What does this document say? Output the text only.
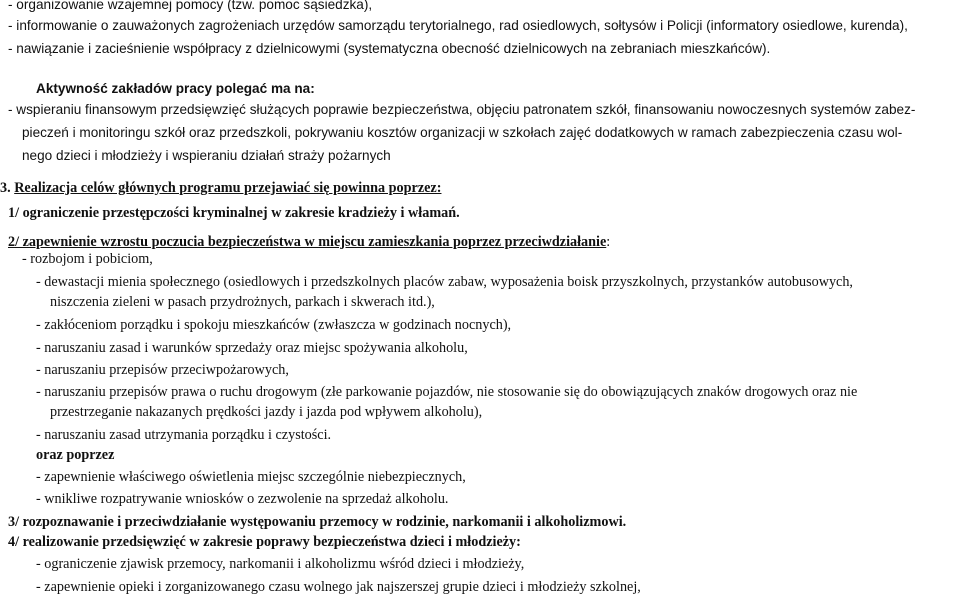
- organizowanie wzajemnej pomocy (tzw. pomoc sąsiedzka),
- informowanie o zauważonych zagrożeniach urzędów samorządu terytorialnego, rad osiedlowych, sołtysów i Policji (informatory osiedlowe, kurenda),
- nawiązanie i zacieśnienie współpracy z dzielnicowymi (systematyczna obecność dzielnicowych na zebraniach mieszkańców).
Aktywność zakładów pracy polegać ma na:
- wspieraniu finansowym przedsięwzięć służących poprawie bezpieczeństwa, objęciu patronatem szkół, finansowaniu nowoczesnych systemów zabez-
pieczeń i monitoringu szkół oraz przedszkoli, pokrywaniu kosztów organizacji w szkołach zajęć dodatkowych w ramach zabezpieczenia czasu wol-
nego dzieci i młodzieży i wspieraniu działań straży pożarnych
3. Realizacja celów głównych programu przejawiać się powinna poprzez:
1/ ograniczenie przestępczości kryminalnej w zakresie kradzieży i włamań.
2/ zapewnienie wzrostu poczucia bezpieczeństwa w miejscu zamieszkania poprzez przeciwdziałanie:
- rozbojom i pobiciom,
- dewastacji mienia społecznego (osiedlowych i przedszkolnych placów zabaw, wyposażenia boisk przyszkolnych, przystanków autobusowych,
niszczenia zieleni w pasach przydrożnych, parkach i skwerach itd.),
- zakłóceniom porządku i spokoju mieszkańców (zwłaszcza w godzinach nocnych),
- naruszaniu zasad i warunków sprzedaży oraz miejsc spożywania alkoholu,
- naruszaniu przepisów przeciwpożarowych,
- naruszaniu przepisów prawa o ruchu drogowym (złe parkowanie pojazdów, nie stosowanie się do obowiązujących znaków drogowych oraz nie
przestrzeganie nakazanych prędkości jazdy i jazda pod wpływem alkoholu),
- naruszaniu zasad utrzymania porządku i czystości.
oraz poprzez
- zapewnienie właściwego oświetlenia miejsc szczególnie niebezpiecznych,
- wnikliwe rozpatrywanie wniosków o zezwolenie na sprzedaż alkoholu.
3/ rozpoznawanie i przeciwdziałanie występowaniu przemocy w rodzinie, narkomanii i alkoholizmowi.
4/ realizowanie przedsięwzięć w zakresie poprawy bezpieczeństwa dzieci i młodzieży:
- ograniczenie zjawisk przemocy, narkomanii i alkoholizmu wśród dzieci i młodzieży,
- zapewnienie opieki i zorganizowanego czasu wolnego jak najszerszej grupie dzieci i młodzieży szkolnej,
